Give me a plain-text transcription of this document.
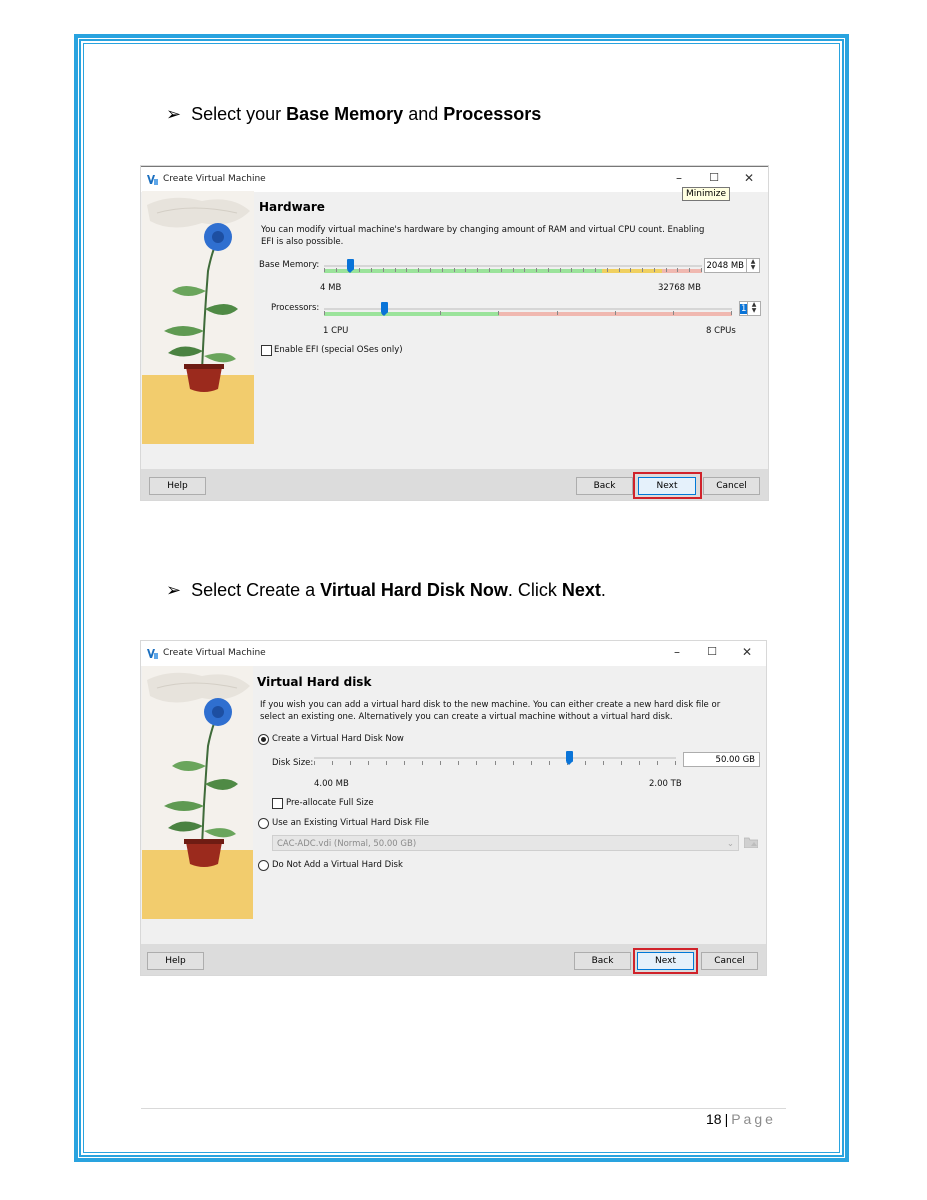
➢ Select your Base Memory and Processors
Create Virtual Machine	–	☐	✕
Minimize
Hardware
You can modify virtual machine's hardware by changing amount of RAM and virtual CPU count. Enabling
EFI is also possible.
Base Memory:	2048 MB	▲
▼
4 MB	32768 MB
Processors:	1 ▲
▼
1 CPU	8 CPUs
Enable EFI (special OSes only)
Help	Back	Next	Cancel
➢ Select Create a Virtual Hard Disk Now. Click Next.
Create Virtual Machine	–	☐	✕
Virtual Hard disk
If you wish you can add a virtual hard disk to the new machine. You can either create a new hard disk file or
select an existing one. Alternatively you can create a virtual machine without a virtual hard disk.
Create a Virtual Hard Disk Now
Disk Size:	50.00 GB
4.00 MB	2.00 TB
Pre-allocate Full Size
Use an Existing Virtual Hard Disk File
CAC-ADC.vdi (Normal, 50.00 GB)	⌄
Do Not Add a Virtual Hard Disk
Help	Back	Next	Cancel
18 | Page
